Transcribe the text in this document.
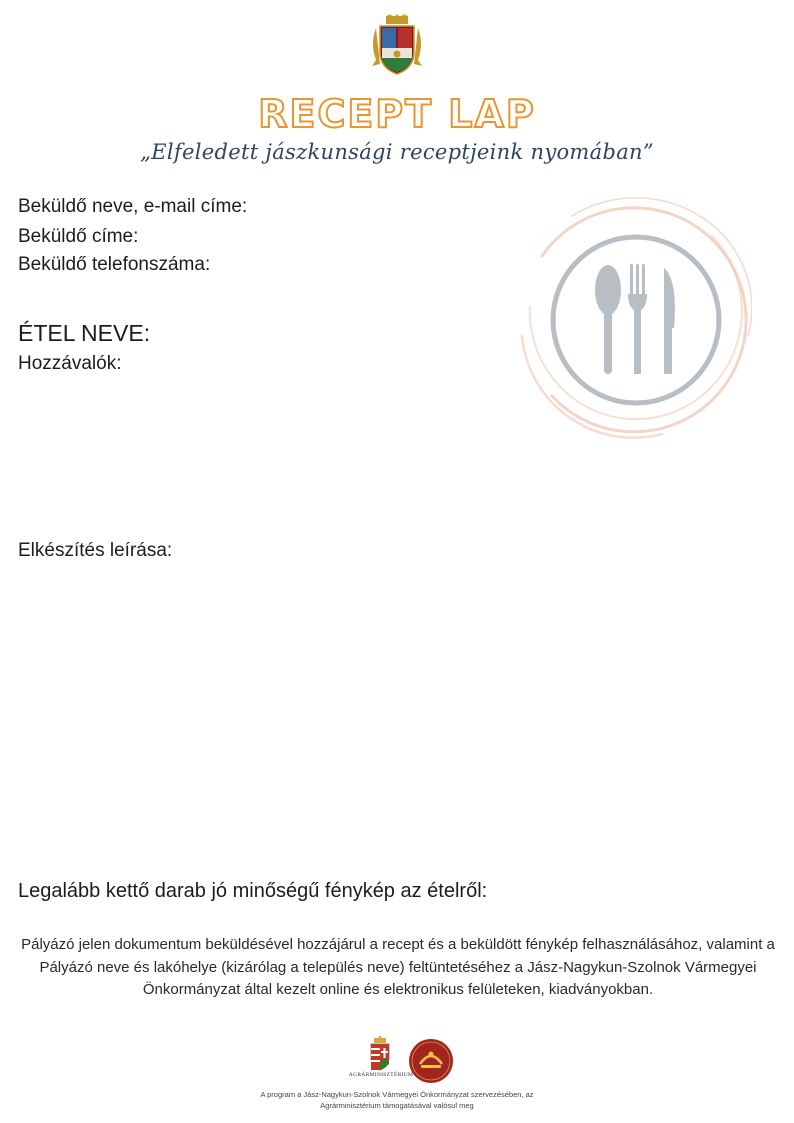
RECEPT LAP
„Elfeledett jászkunsági receptjeink nyomában”
Beküldő neve, e-mail címe:
Beküldő címe:
Beküldő telefonszáma:
ÉTEL NEVE:
Hozzávalók:
Elkészítés leírása:
Legalább kettő darab jó minőségű fénykép az ételről:
Pályázó jelen dokumentum beküldésével hozzájárul a recept és a beküldött fénykép felhasználásához, valamint a Pályázó neve és lakóhelye (kizárólag a település neve) feltüntetéséhez a Jász-Nagykun-Szolnok Vármegyei Önkormányzat által kezelt online és elektronikus felületeken, kiadványokban.
AGRÁRMINISZTÉRIUM
A program a Jász-Nagykun-Szolnok Vármegyei Önkormányzat szervezésében, az
Agrárminisztérium támogatásával valósul meg
